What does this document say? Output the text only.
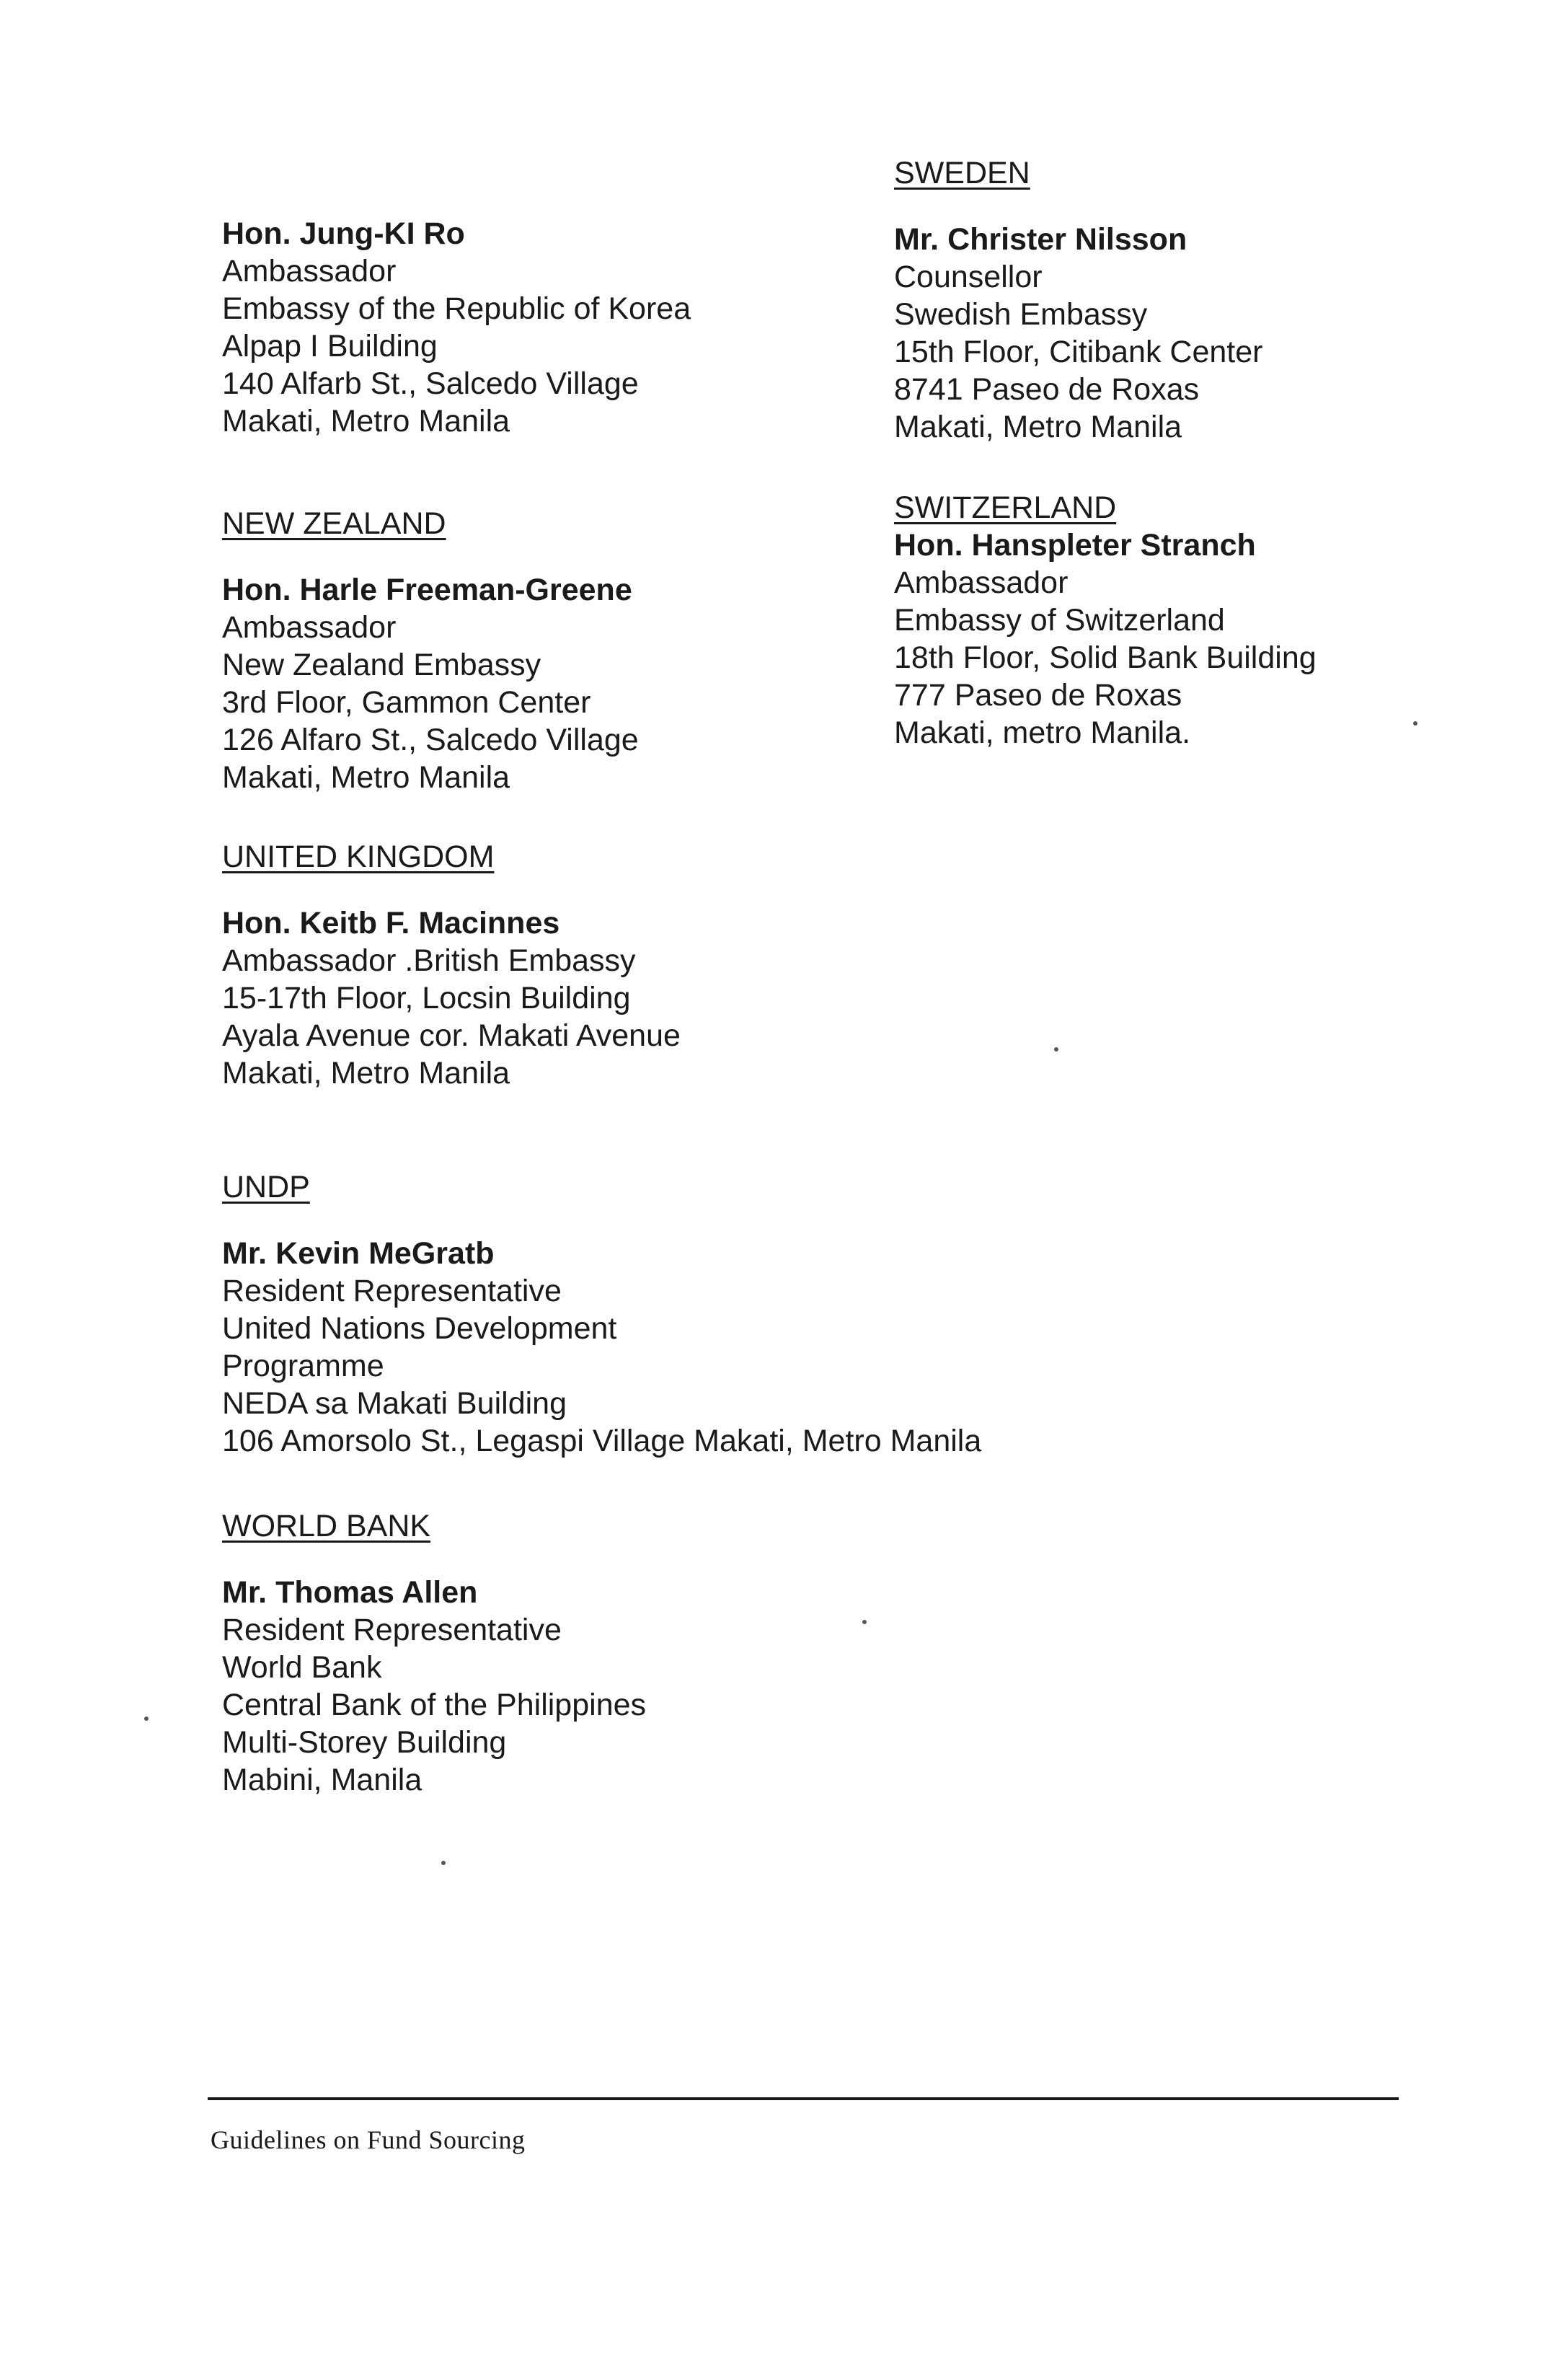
Hon. Jung-KI Ro
Ambassador
Embassy of the Republic of Korea
Alpap I Building
140 Alfarb St., Salcedo Village
Makati, Metro Manila
NEW ZEALAND
Hon. Harle Freeman-Greene
Ambassador
New Zealand Embassy
3rd Floor, Gammon Center
126 Alfaro St., Salcedo Village
Makati, Metro Manila
UNITED KINGDOM
Hon. Keitb F. Macinnes
Ambassador .British Embassy
15-17th Floor, Locsin Building
Ayala Avenue cor. Makati Avenue
Makati, Metro Manila
UNDP
Mr. Kevin MeGratb
Resident Representative
United Nations Development
Programme
NEDA sa Makati Building
106 Amorsolo St., Legaspi Village Makati, Metro Manila
WORLD BANK
Mr. Thomas Allen
Resident Representative
World Bank
Central Bank of the Philippines
Multi-Storey Building
Mabini, Manila
SWEDEN
Mr. Christer Nilsson
Counsellor
Swedish Embassy
15th Floor, Citibank Center
8741 Paseo de Roxas
Makati, Metro Manila
SWITZERLAND
Hon. Hanspleter Stranch
Ambassador
Embassy of Switzerland
18th Floor, Solid Bank Building
777 Paseo de Roxas
Makati, metro Manila.
Guidelines on Fund Sourcing
